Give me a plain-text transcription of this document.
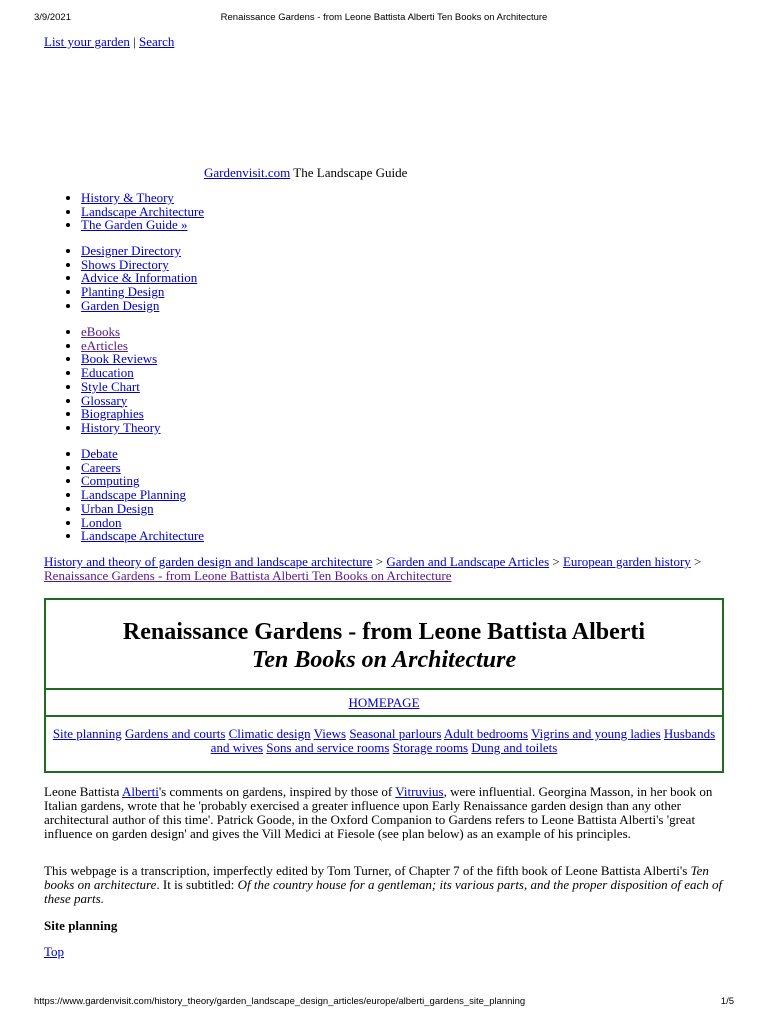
3/9/2021	Renaissance Gardens - from Leone Battista Alberti Ten Books on Architecture
List your garden | Search
Gardenvisit.com The Landscape Guide
• History & Theory
• Landscape Architecture
• The Garden Guide »
• Designer Directory
• Shows Directory
• Advice & Information
• Planting Design
• Garden Design
• eBooks
• eArticles
• Book Reviews
• Education
• Style Chart
• Glossary
• Biographies
• History Theory
• Debate
• Careers
• Computing
• Landscape Planning
• Urban Design
• London
• Landscape Architecture
History and theory of garden design and landscape architecture > Garden and Landscape Articles > European garden history > Renaissance Gardens - from Leone Battista Alberti Ten Books on Architecture
Renaissance Gardens - from Leone Battista Alberti
Ten Books on Architecture
HOMEPAGE
Site planning Gardens and courts Climatic design Views Seasonal parlours Adult bedrooms Vigrins and young ladies Husbands and wives Sons and service rooms Storage rooms Dung and toilets
Leone Battista Alberti's comments on gardens, inspired by those of Vitruvius, were influential. Georgina Masson, in her book on Italian gardens, wrote that he 'probably exercised a greater influence upon Early Renaissance garden design than any other architectural author of this time'. Patrick Goode, in the Oxford Companion to Gardens refers to Leone Battista Alberti's 'great influence on garden design' and gives the Vill Medici at Fiesole (see plan below) as an example of his principles.
This webpage is a transcription, imperfectly edited by Tom Turner, of Chapter 7 of the fifth book of Leone Battista Alberti's Ten books on architecture. It is subtitled: Of the country house for a gentleman; its various parts, and the proper disposition of each of these parts.
Site planning
Top
https://www.gardenvisit.com/history_theory/garden_landscape_design_articles/europe/alberti_gardens_site_planning	1/5
